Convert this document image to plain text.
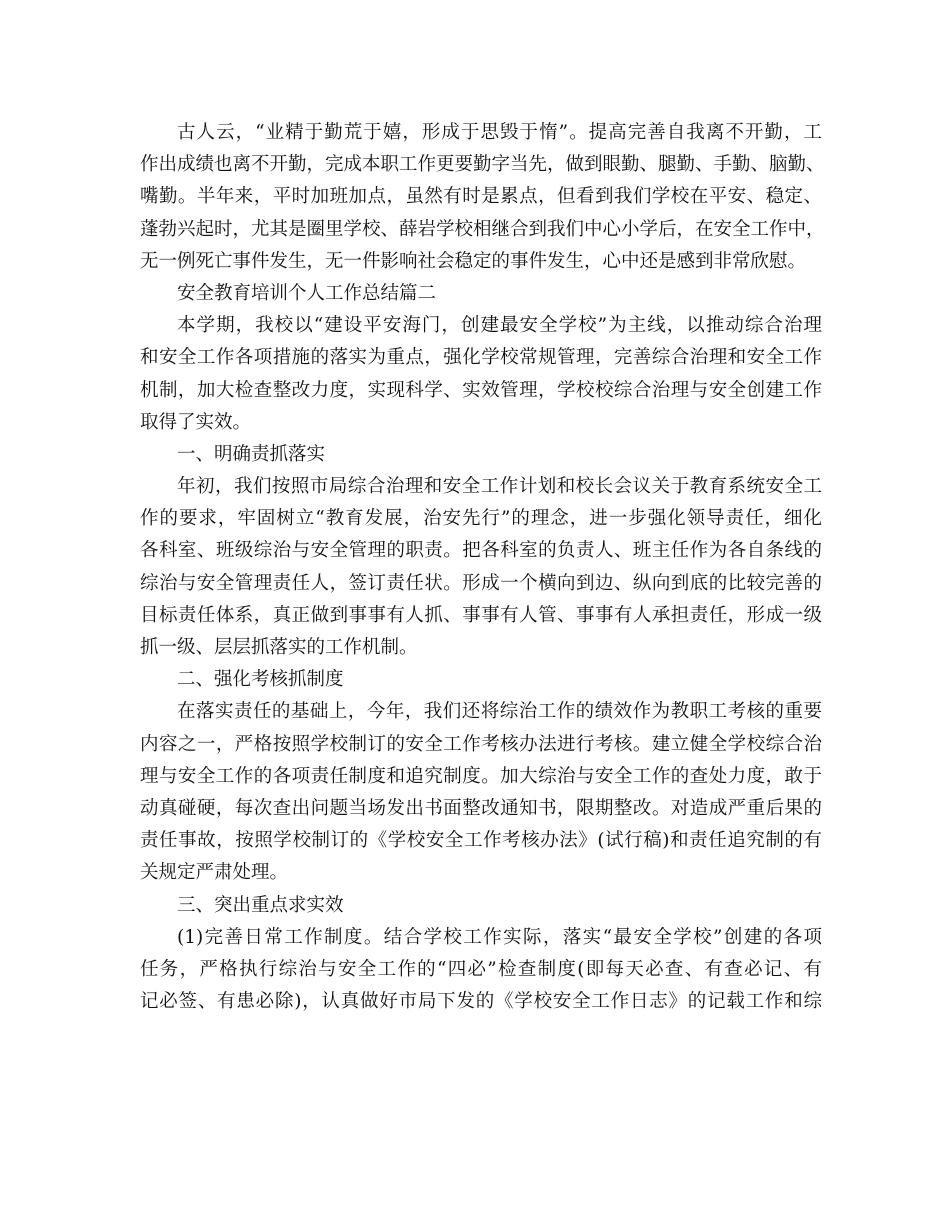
古人云，“业精于勤荒于嬉，形成于思毁于惰”。提高完善自我离不开勤，工
作出成绩也离不开勤，完成本职工作更要勤字当先，做到眼勤、腿勤、手勤、脑勤、
嘴勤。半年来，平时加班加点，虽然有时是累点，但看到我们学校在平安、稳定、
蓬勃兴起时，尤其是圈里学校、薛岩学校相继合到我们中心小学后，在安全工作中，
无一例死亡事件发生，无一件影响社会稳定的事件发生，心中还是感到非常欣慰。
安全教育培训个人工作总结篇二
本学期，我校以“建设平安海门，创建最安全学校”为主线，以推动综合治理
和安全工作各项措施的落实为重点，强化学校常规管理，完善综合治理和安全工作
机制，加大检查整改力度，实现科学、实效管理，学校校综合治理与安全创建工作
取得了实效。
一、明确责抓落实
年初，我们按照市局综合治理和安全工作计划和校长会议关于教育系统安全工
作的要求，牢固树立“教育发展，治安先行”的理念，进一步强化领导责任，细化
各科室、班级综治与安全管理的职责。把各科室的负责人、班主任作为各自条线的
综治与安全管理责任人，签订责任状。形成一个横向到边、纵向到底的比较完善的
目标责任体系，真正做到事事有人抓、事事有人管、事事有人承担责任，形成一级
抓一级、层层抓落实的工作机制。
二、强化考核抓制度
在落实责任的基础上，今年，我们还将综治工作的绩效作为教职工考核的重要
内容之一，严格按照学校制订的安全工作考核办法进行考核。建立健全学校综合治
理与安全工作的各项责任制度和追究制度。加大综治与安全工作的查处力度，敢于
动真碰硬，每次查出问题当场发出书面整改通知书，限期整改。对造成严重后果的
责任事故，按照学校制订的《学校安全工作考核办法》(试行稿)和责任追究制的有
关规定严肃处理。
三、突出重点求实效
(1)完善日常工作制度。结合学校工作实际，落实“最安全学校”创建的各项
任务，严格执行综治与安全工作的“四必”检查制度(即每天必查、有查必记、有
记必签、有患必除)，认真做好市局下发的《学校安全工作日志》的记载工作和综
